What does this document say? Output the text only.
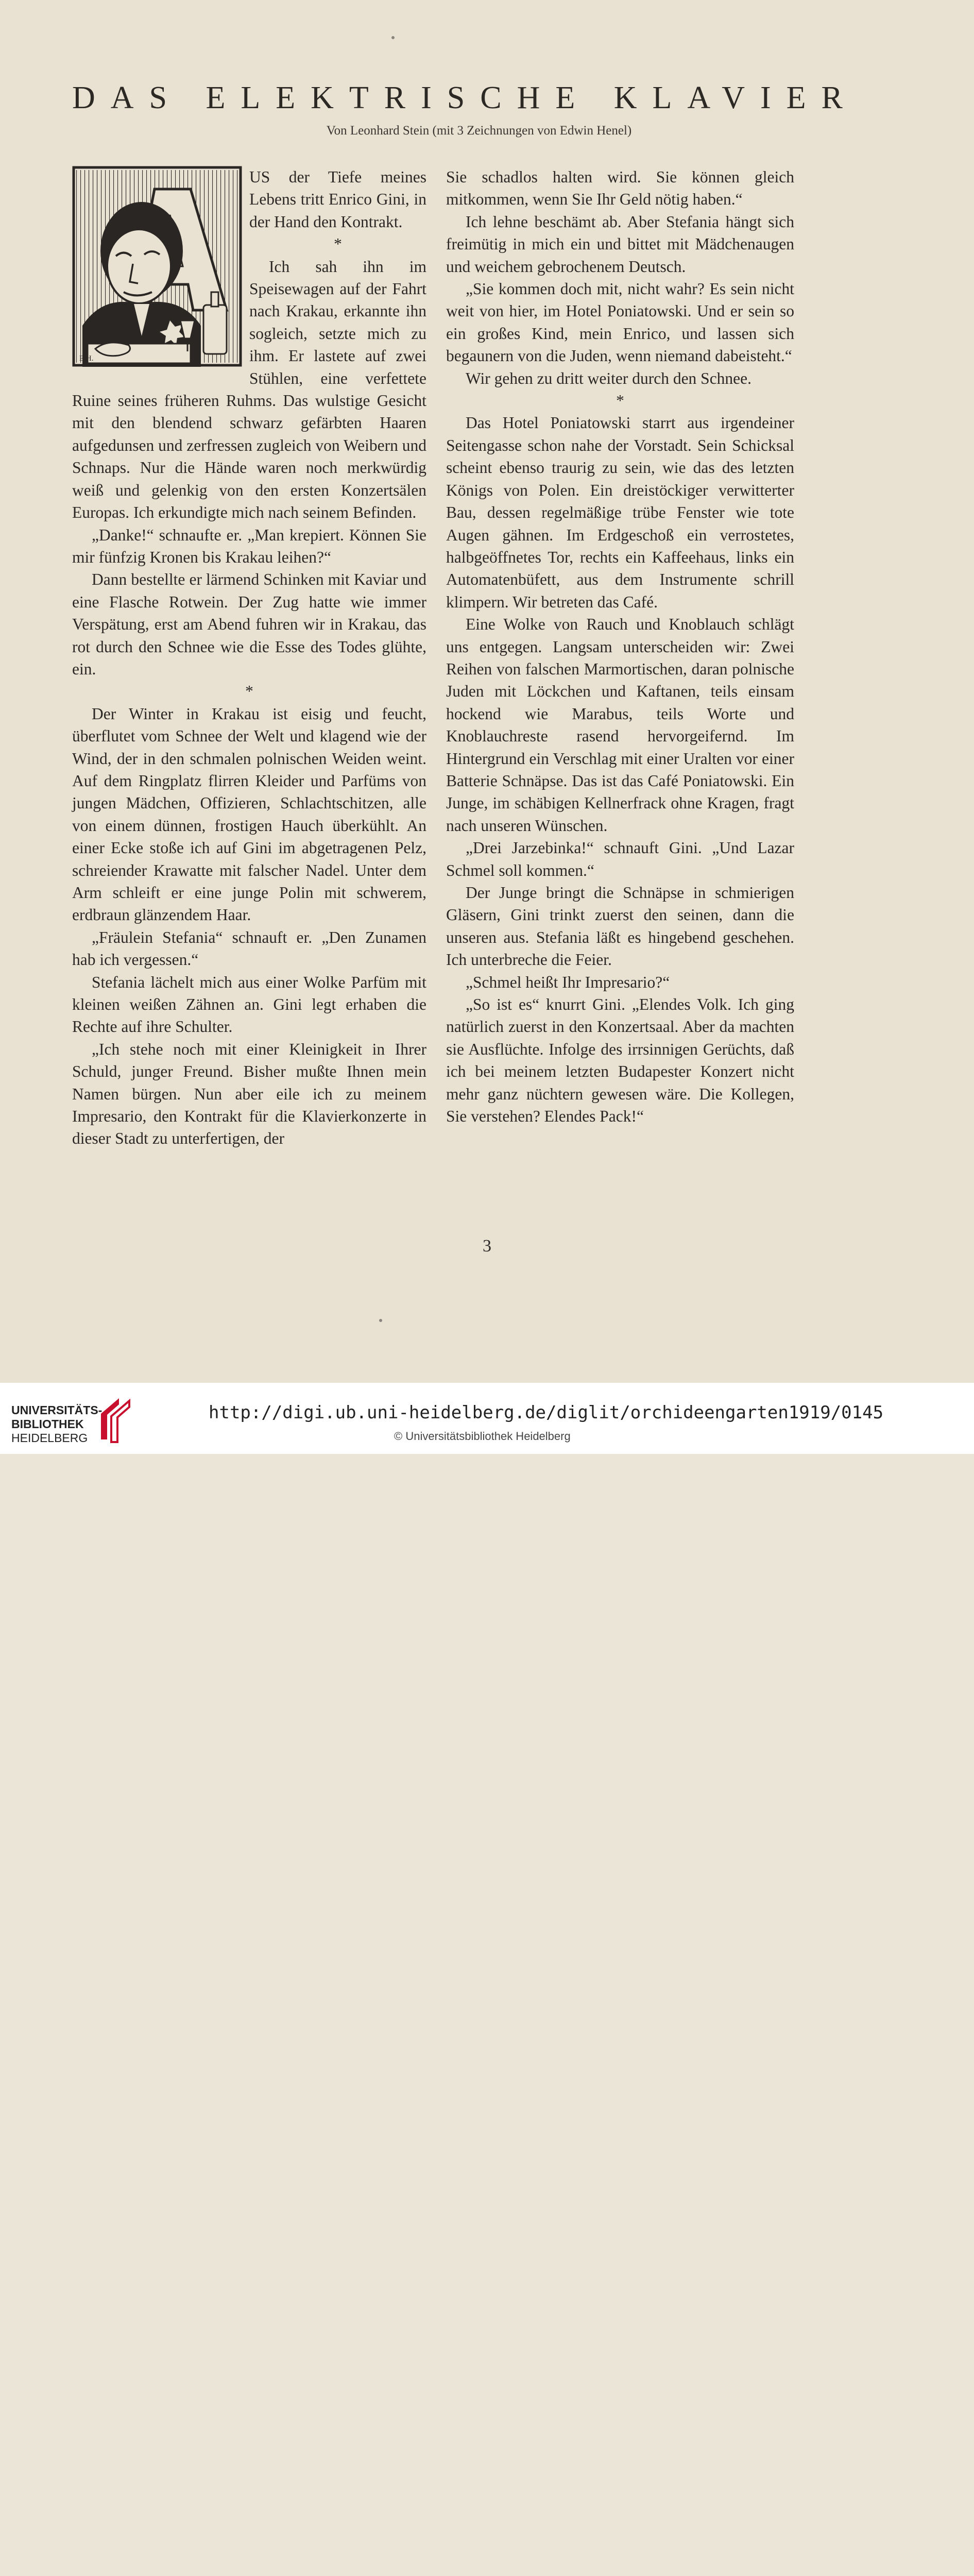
DAS ELEKTRISCHE KLAVIER
Von Leonhard Stein (mit 3 Zeichnungen von Edwin Henel)
E.H.

US der Tiefe meines Lebens tritt Enrico Gini, in der Hand den Kontrakt.

*

Ich sah ihn im Speisewagen auf der Fahrt nach Krakau, erkannte ihn sogleich, setzte mich zu ihm. Er lastete auf zwei Stühlen, eine verfettete Ruine seines früheren Ruhms. Das wulstige Gesicht mit den blendend schwarz gefärbten Haaren aufgedunsen und zerfressen zugleich von Weibern und Schnaps. Nur die Hände waren noch merkwürdig weiß und gelenkig von den ersten Konzertsälen Europas. Ich erkundigte mich nach seinem Befinden.

„Danke!“ schnaufte er. „Man krepiert. Können Sie mir fünfzig Kronen bis Krakau leihen?“

Dann bestellte er lärmend Schinken mit Kaviar und eine Flasche Rotwein. Der Zug hatte wie immer Verspätung, erst am Abend fuhren wir in Krakau, das rot durch den Schnee wie die Esse des Todes glühte, ein.

*

Der Winter in Krakau ist eisig und feucht, überflutet vom Schnee der Welt und klagend wie der Wind, der in den schmalen polnischen Weiden weint. Auf dem Ringplatz flirren Kleider und Parfüms von jungen Mädchen, Offizieren, Schlachtschitzen, alle von einem dünnen, frostigen Hauch überkühlt. An einer Ecke stoße ich auf Gini im abgetragenen Pelz, schreiender Krawatte mit falscher Nadel. Unter dem Arm schleift er eine junge Polin mit schwerem, erdbraun glänzendem Haar.

„Fräulein Stefania“ schnauft er. „Den Zunamen hab ich vergessen.“

Stefania lächelt mich aus einer Wolke Parfüm mit kleinen weißen Zähnen an. Gini legt erhaben die Rechte auf ihre Schulter.

„Ich stehe noch mit einer Kleinigkeit in Ihrer Schuld, junger Freund. Bisher mußte Ihnen mein Namen bürgen. Nun aber eile ich zu meinem Impresario, den Kontrakt für die Klavierkonzerte in dieser Stadt zu unterfertigen, der

Sie schadlos halten wird. Sie können gleich mitkommen, wenn Sie Ihr Geld nötig haben.“

Ich lehne beschämt ab. Aber Stefania hängt sich freimütig in mich ein und bittet mit Mädchenaugen und weichem gebrochenem Deutsch.

„Sie kommen doch mit, nicht wahr? Es sein nicht weit von hier, im Hotel Poniatowski. Und er sein so ein großes Kind, mein Enrico, und lassen sich begaunern von die Juden, wenn niemand dabeisteht.“

Wir gehen zu dritt weiter durch den Schnee.

*

Das Hotel Poniatowski starrt aus irgendeiner Seitengasse schon nahe der Vorstadt. Sein Schicksal scheint ebenso traurig zu sein, wie das des letzten Königs von Polen. Ein dreistöckiger verwitterter Bau, dessen regelmäßige trübe Fenster wie tote Augen gähnen. Im Erdgeschoß ein verrostetes, halbgeöffnetes Tor, rechts ein Kaffeehaus, links ein Automatenbüfett, aus dem Instrumente schrill klimpern. Wir betreten das Café.

Eine Wolke von Rauch und Knoblauch schlägt uns entgegen. Langsam unterscheiden wir: Zwei Reihen von falschen Marmortischen, daran polnische Juden mit Löckchen und Kaftanen, teils einsam hockend wie Marabus, teils Worte und Knoblauchreste rasend hervorgeifernd. Im Hintergrund ein Verschlag mit einer Uralten vor einer Batterie Schnäpse. Das ist das Café Poniatowski. Ein Junge, im schäbigen Kellnerfrack ohne Kragen, fragt nach unseren Wünschen.

„Drei Jarzebinka!“ schnauft Gini. „Und Lazar Schmel soll kommen.“

Der Junge bringt die Schnäpse in schmierigen Gläsern, Gini trinkt zuerst den seinen, dann die unseren aus. Stefania läßt es hingebend geschehen. Ich unterbreche die Feier.

„Schmel heißt Ihr Impresario?“

„So ist es“ knurrt Gini. „Elendes Volk. Ich ging natürlich zuerst in den Konzertsaal. Aber da machten sie Ausflüchte. Infolge des irrsinnigen Gerüchts, daß ich bei meinem letzten Budapester Konzert nicht mehr ganz nüchtern gewesen wäre. Die Kollegen, Sie verstehen? Elendes Pack!“

3
UNIVERSITÄTS-
BIBLIOTHEK
HEIDELBERG
http://digi.ub.uni-heidelberg.de/diglit/orchideengarten1919/0145
© Universitätsbibliothek Heidelberg
